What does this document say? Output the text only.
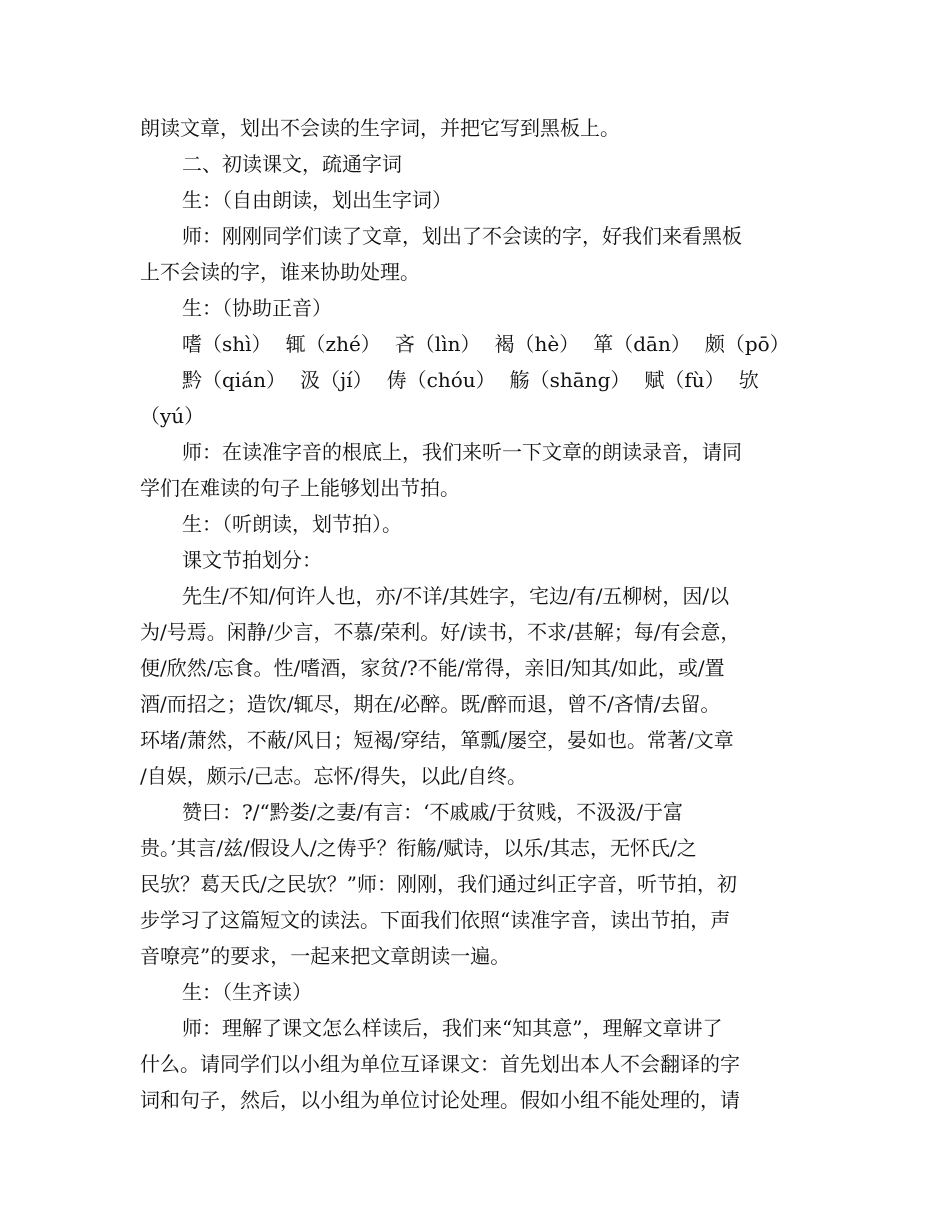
朗读文章，划出不会读的生字词，并把它写到黑板上。
二、初读课文，疏通字词
生：（自由朗读，划出生字词）
师：刚刚同学们读了文章，划出了不会读的字，好我们来看黑板
上不会读的字，谁来协助处理。
生：（协助正音）
嗜（shì） 辄（zhé） 吝（lìn） 褐（hè） 箪（dān） 颇（pō）
黔（qián） 汲（jí） 俦（chóu） 觞（shāng） 赋（fù） 欤
（yú）
师：在读准字音的根底上，我们来听一下文章的朗读录音，请同
学们在难读的句子上能够划出节拍。
生：（听朗读，划节拍）。
课文节拍划分：
先生/不知/何许人也，亦/不详/其姓字，宅边/有/五柳树，因/以
为/号焉。闲静/少言，不慕/荣利。好/读书，不求/甚解；每/有会意，
便/欣然/忘食。性/嗜酒，家贫/?不能/常得，亲旧/知其/如此，或/置
酒/而招之；造饮/辄尽，期在/必醉。既/醉而退，曾不/吝情/去留。
环堵/萧然，不蔽/风日；短褐/穿结，箪瓢/屡空，晏如也。常著/文章
/自娱，颇示/己志。忘怀/得失，以此/自终。
赞曰：?/“黔娄/之妻/有言：‘不戚戚/于贫贱，不汲汲/于富
贵。’其言/兹/假设人/之俦乎？衔觞/赋诗，以乐/其志，无怀氏/之
民欤？葛天氏/之民欤？”师：刚刚，我们通过纠正字音，听节拍，初
步学习了这篇短文的读法。下面我们依照“读准字音，读出节拍，声
音嘹亮”的要求，一起来把文章朗读一遍。
生：（生齐读）
师：理解了课文怎么样读后，我们来“知其意”，理解文章讲了
什么。请同学们以小组为单位互译课文：首先划出本人不会翻译的字
词和句子，然后，以小组为单位讨论处理。假如小组不能处理的，请
